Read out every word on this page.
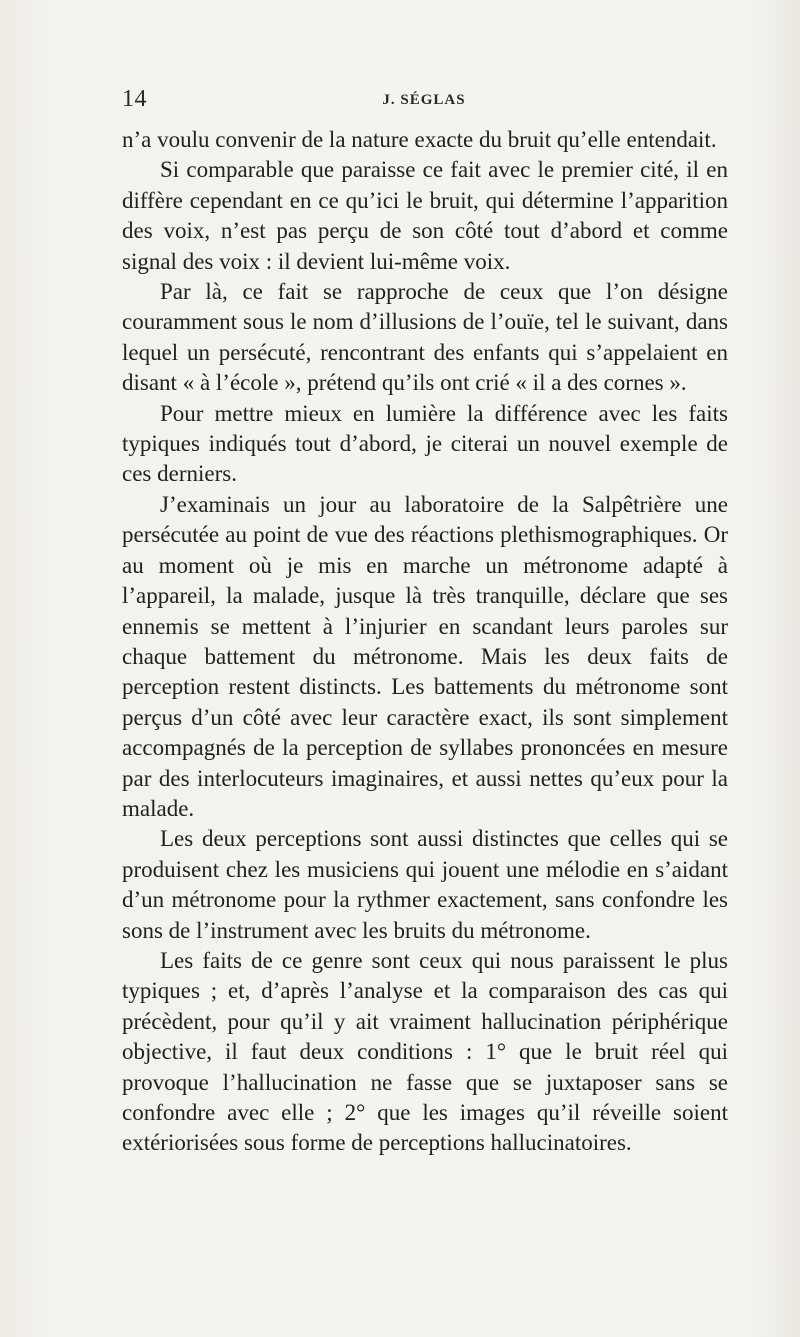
14	J. SÉGLAS

n’a voulu convenir de la nature exacte du bruit qu’elle entendait.

Si comparable que paraisse ce fait avec le premier cité, il en diffère cependant en ce qu’ici le bruit, qui détermine l’apparition des voix, n’est pas perçu de son côté tout d’abord et comme signal des voix : il devient lui-même voix.

Par là, ce fait se rapproche de ceux que l’on désigne couramment sous le nom d’illusions de l’ouïe, tel le suivant, dans lequel un persécuté, rencontrant des enfants qui s’appelaient en disant « à l’école », prétend qu’ils ont crié « il a des cornes ».

Pour mettre mieux en lumière la différence avec les faits typiques indiqués tout d’abord, je citerai un nouvel exemple de ces derniers.

J’examinais un jour au laboratoire de la Salpêtrière une persécutée au point de vue des réactions plethismographiques. Or au moment où je mis en marche un métronome adapté à l’appareil, la malade, jusque là très tranquille, déclare que ses ennemis se mettent à l’injurier en scandant leurs paroles sur chaque battement du métronome. Mais les deux faits de perception restent distincts. Les battements du métronome sont perçus d’un côté avec leur caractère exact, ils sont simplement accompagnés de la perception de syllabes prononcées en mesure par des interlocuteurs imaginaires, et aussi nettes qu’eux pour la malade.

Les deux perceptions sont aussi distinctes que celles qui se produisent chez les musiciens qui jouent une mélodie en s’aidant d’un métronome pour la rythmer exactement, sans confondre les sons de l’instrument avec les bruits du métronome.

Les faits de ce genre sont ceux qui nous paraissent le plus typiques ; et, d’après l’analyse et la comparaison des cas qui précèdent, pour qu’il y ait vraiment hallucination périphérique objective, il faut deux conditions : 1° que le bruit réel qui provoque l’hallucination ne fasse que se juxtaposer sans se confondre avec elle ; 2° que les images qu’il réveille soient extériorisées sous forme de perceptions hallucinatoires.
